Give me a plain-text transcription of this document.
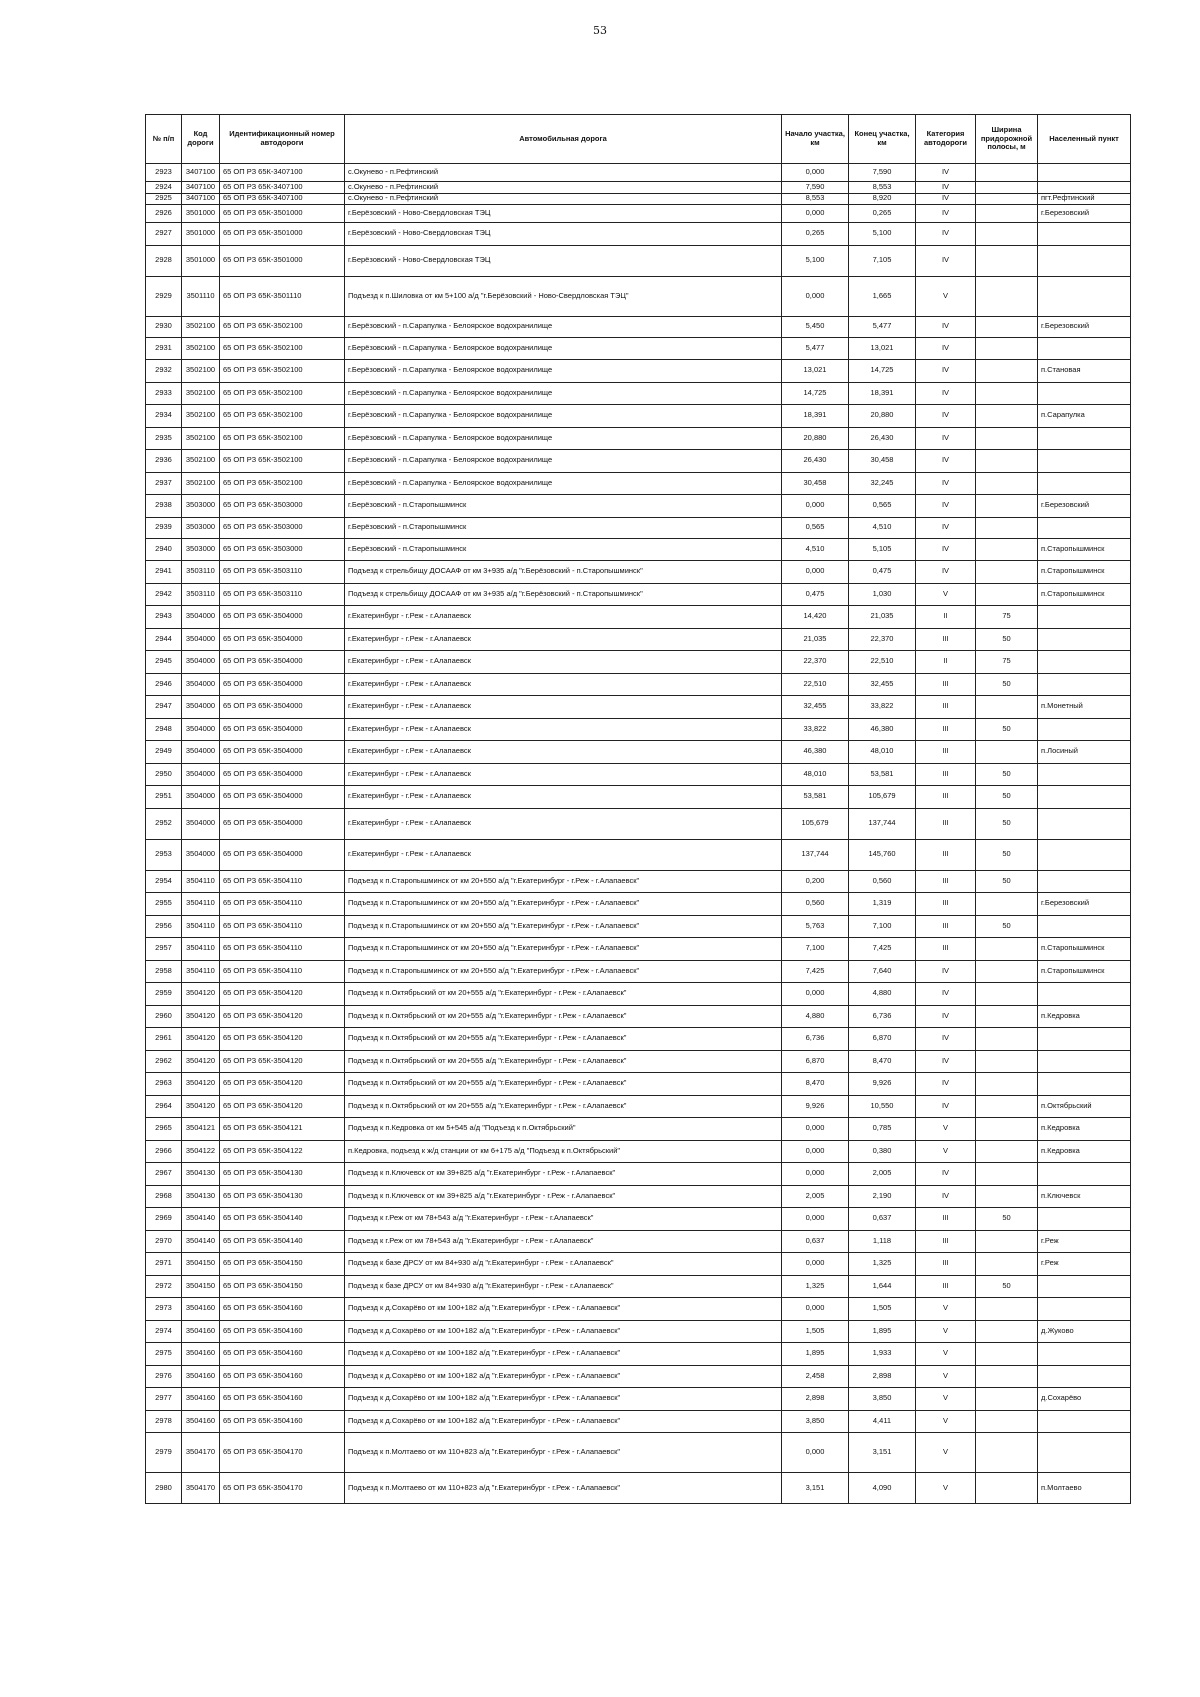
53
№ п/п	Код дороги	Идентификационный номер автодороги	Автомобильная дорога	Начало участка, км	Конец участка, км	Категория автодороги	Ширина придорожной полосы, м	Населенный пункт
2923	3407100	65 ОП РЗ 65К-3407100	с.Окунево - п.Рефтинский	0,000	7,590	IV		
2924	3407100	65 ОП РЗ 65К-3407100	с.Окунево - п.Рефтинский	7,590	8,553	IV		
2925	3407100	65 ОП РЗ 65К-3407100	с.Окунево - п.Рефтинский	8,553	8,920	IV		пгт.Рефтинский
2926	3501000	65 ОП РЗ 65К-3501000	г.Берёзовский - Ново-Свердловская ТЭЦ	0,000	0,265	IV		г.Березовский
2927	3501000	65 ОП РЗ 65К-3501000	г.Берёзовский - Ново-Свердловская ТЭЦ	0,265	5,100	IV		
2928	3501000	65 ОП РЗ 65К-3501000	г.Берёзовский - Ново-Свердловская ТЭЦ	5,100	7,105	IV		
2929	3501110	65 ОП РЗ 65К-3501110	Подъезд к п.Шиловка от км 5+100 а/д "г.Берёзовский - Ново-Свердловская ТЭЦ"	0,000	1,665	V		
2930	3502100	65 ОП РЗ 65К-3502100	г.Берёзовский - п.Сарапулка - Белоярское водохранилище	5,450	5,477	IV		г.Березовский
2931	3502100	65 ОП РЗ 65К-3502100	г.Берёзовский - п.Сарапулка - Белоярское водохранилище	5,477	13,021	IV		
2932	3502100	65 ОП РЗ 65К-3502100	г.Берёзовский - п.Сарапулка - Белоярское водохранилище	13,021	14,725	IV		п.Становая
2933	3502100	65 ОП РЗ 65К-3502100	г.Берёзовский - п.Сарапулка - Белоярское водохранилище	14,725	18,391	IV		
2934	3502100	65 ОП РЗ 65К-3502100	г.Берёзовский - п.Сарапулка - Белоярское водохранилище	18,391	20,880	IV		п.Сарапулка
2935	3502100	65 ОП РЗ 65К-3502100	г.Берёзовский - п.Сарапулка - Белоярское водохранилище	20,880	26,430	IV		
2936	3502100	65 ОП РЗ 65К-3502100	г.Берёзовский - п.Сарапулка - Белоярское водохранилище	26,430	30,458	IV		
2937	3502100	65 ОП РЗ 65К-3502100	г.Берёзовский - п.Сарапулка - Белоярское водохранилище	30,458	32,245	IV		
2938	3503000	65 ОП РЗ 65К-3503000	г.Берёзовский - п.Старопышминск	0,000	0,565	IV		г.Березовский
2939	3503000	65 ОП РЗ 65К-3503000	г.Берёзовский - п.Старопышминск	0,565	4,510	IV		
2940	3503000	65 ОП РЗ 65К-3503000	г.Берёзовский - п.Старопышминск	4,510	5,105	IV		п.Старопышминск
2941	3503110	65 ОП РЗ 65К-3503110	Подъезд к стрельбищу ДОСААФ от км 3+935 а/д "г.Берёзовский - п.Старопышминск"	0,000	0,475	IV		п.Старопышминск
2942	3503110	65 ОП РЗ 65К-3503110	Подъезд к стрельбищу ДОСААФ от км 3+935 а/д "г.Берёзовский - п.Старопышминск"	0,475	1,030	V		п.Старопышминск
2943	3504000	65 ОП РЗ 65К-3504000	г.Екатеринбург - г.Реж - г.Алапаевск	14,420	21,035	II	75	
2944	3504000	65 ОП РЗ 65К-3504000	г.Екатеринбург - г.Реж - г.Алапаевск	21,035	22,370	III	50	
2945	3504000	65 ОП РЗ 65К-3504000	г.Екатеринбург - г.Реж - г.Алапаевск	22,370	22,510	II	75	
2946	3504000	65 ОП РЗ 65К-3504000	г.Екатеринбург - г.Реж - г.Алапаевск	22,510	32,455	III	50	
2947	3504000	65 ОП РЗ 65К-3504000	г.Екатеринбург - г.Реж - г.Алапаевск	32,455	33,822	III		п.Монетный
2948	3504000	65 ОП РЗ 65К-3504000	г.Екатеринбург - г.Реж - г.Алапаевск	33,822	46,380	III	50	
2949	3504000	65 ОП РЗ 65К-3504000	г.Екатеринбург - г.Реж - г.Алапаевск	46,380	48,010	III		п.Лосиный
2950	3504000	65 ОП РЗ 65К-3504000	г.Екатеринбург - г.Реж - г.Алапаевск	48,010	53,581	III	50	
2951	3504000	65 ОП РЗ 65К-3504000	г.Екатеринбург - г.Реж - г.Алапаевск	53,581	105,679	III	50	
2952	3504000	65 ОП РЗ 65К-3504000	г.Екатеринбург - г.Реж - г.Алапаевск	105,679	137,744	III	50	
2953	3504000	65 ОП РЗ 65К-3504000	г.Екатеринбург - г.Реж - г.Алапаевск	137,744	145,760	III	50	
2954	3504110	65 ОП РЗ 65К-3504110	Подъезд к п.Старопышминск от км 20+550 а/д "г.Екатеринбург - г.Реж - г.Алапаевск"	0,200	0,560	III	50	
2955	3504110	65 ОП РЗ 65К-3504110	Подъезд к п.Старопышминск от км 20+550 а/д "г.Екатеринбург - г.Реж - г.Алапаевск"	0,560	1,319	III		г.Березовский
2956	3504110	65 ОП РЗ 65К-3504110	Подъезд к п.Старопышминск от км 20+550 а/д "г.Екатеринбург - г.Реж - г.Алапаевск"	5,763	7,100	III	50	
2957	3504110	65 ОП РЗ 65К-3504110	Подъезд к п.Старопышминск от км 20+550 а/д "г.Екатеринбург - г.Реж - г.Алапаевск"	7,100	7,425	III		п.Старопышминск
2958	3504110	65 ОП РЗ 65К-3504110	Подъезд к п.Старопышминск от км 20+550 а/д "г.Екатеринбург - г.Реж - г.Алапаевск"	7,425	7,640	IV		п.Старопышминск
2959	3504120	65 ОП РЗ 65К-3504120	Подъезд к п.Октябрьский от км 20+555 а/д "г.Екатеринбург - г.Реж - г.Алапаевск"	0,000	4,880	IV		
2960	3504120	65 ОП РЗ 65К-3504120	Подъезд к п.Октябрьский от км 20+555 а/д "г.Екатеринбург - г.Реж - г.Алапаевск"	4,880	6,736	IV		п.Кедровка
2961	3504120	65 ОП РЗ 65К-3504120	Подъезд к п.Октябрьский от км 20+555 а/д "г.Екатеринбург - г.Реж - г.Алапаевск"	6,736	6,870	IV		
2962	3504120	65 ОП РЗ 65К-3504120	Подъезд к п.Октябрьский от км 20+555 а/д "г.Екатеринбург - г.Реж - г.Алапаевск"	6,870	8,470	IV		
2963	3504120	65 ОП РЗ 65К-3504120	Подъезд к п.Октябрьский от км 20+555 а/д "г.Екатеринбург - г.Реж - г.Алапаевск"	8,470	9,926	IV		
2964	3504120	65 ОП РЗ 65К-3504120	Подъезд к п.Октябрьский от км 20+555 а/д "г.Екатеринбург - г.Реж - г.Алапаевск"	9,926	10,550	IV		п.Октябрьский
2965	3504121	65 ОП РЗ 65К-3504121	Подъезд к п.Кедровка от км 5+545 а/д "Подъезд к п.Октябрьский"	0,000	0,785	V		п.Кедровка
2966	3504122	65 ОП РЗ 65К-3504122	п.Кедровка, подъезд к ж/д станции от км 6+175 а/д "Подъезд к п.Октябрьский"	0,000	0,380	V		п.Кедровка
2967	3504130	65 ОП РЗ 65К-3504130	Подъезд к п.Ключевск от км 39+825 а/д "г.Екатеринбург - г.Реж - г.Алапаевск"	0,000	2,005	IV		
2968	3504130	65 ОП РЗ 65К-3504130	Подъезд к п.Ключевск от км 39+825 а/д "г.Екатеринбург - г.Реж - г.Алапаевск"	2,005	2,190	IV		п.Ключевск
2969	3504140	65 ОП РЗ 65К-3504140	Подъезд к г.Реж от км 78+543 а/д "г.Екатеринбург - г.Реж - г.Алапаевск"	0,000	0,637	III	50	
2970	3504140	65 ОП РЗ 65К-3504140	Подъезд к г.Реж от км 78+543 а/д "г.Екатеринбург - г.Реж - г.Алапаевск"	0,637	1,118	III		г.Реж
2971	3504150	65 ОП РЗ 65К-3504150	Подъезд к базе ДРСУ от км 84+930 а/д "г.Екатеринбург - г.Реж - г.Алапаевск"	0,000	1,325	III		г.Реж
2972	3504150	65 ОП РЗ 65К-3504150	Подъезд к базе ДРСУ от км 84+930 а/д "г.Екатеринбург - г.Реж - г.Алапаевск"	1,325	1,644	III	50	
2973	3504160	65 ОП РЗ 65К-3504160	Подъезд к д.Сохарёво от км 100+182 а/д "г.Екатеринбург - г.Реж - г.Алапаевск"	0,000	1,505	V		
2974	3504160	65 ОП РЗ 65К-3504160	Подъезд к д.Сохарёво от км 100+182 а/д "г.Екатеринбург - г.Реж - г.Алапаевск"	1,505	1,895	V		д.Жуково
2975	3504160	65 ОП РЗ 65К-3504160	Подъезд к д.Сохарёво от км 100+182 а/д "г.Екатеринбург - г.Реж - г.Алапаевск"	1,895	1,933	V		
2976	3504160	65 ОП РЗ 65К-3504160	Подъезд к д.Сохарёво от км 100+182 а/д "г.Екатеринбург - г.Реж - г.Алапаевск"	2,458	2,898	V		
2977	3504160	65 ОП РЗ 65К-3504160	Подъезд к д.Сохарёво от км 100+182 а/д "г.Екатеринбург - г.Реж - г.Алапаевск"	2,898	3,850	V		д.Сохарёво
2978	3504160	65 ОП РЗ 65К-3504160	Подъезд к д.Сохарёво от км 100+182 а/д "г.Екатеринбург - г.Реж - г.Алапаевск"	3,850	4,411	V		
2979	3504170	65 ОП РЗ 65К-3504170	Подъезд к п.Молтаево от км 110+823 а/д "г.Екатеринбург - г.Реж - г.Алапаевск"	0,000	3,151	V		
2980	3504170	65 ОП РЗ 65К-3504170	Подъезд к п.Молтаево от км 110+823 а/д "г.Екатеринбург - г.Реж - г.Алапаевск"	3,151	4,090	V		п.Молтаево
